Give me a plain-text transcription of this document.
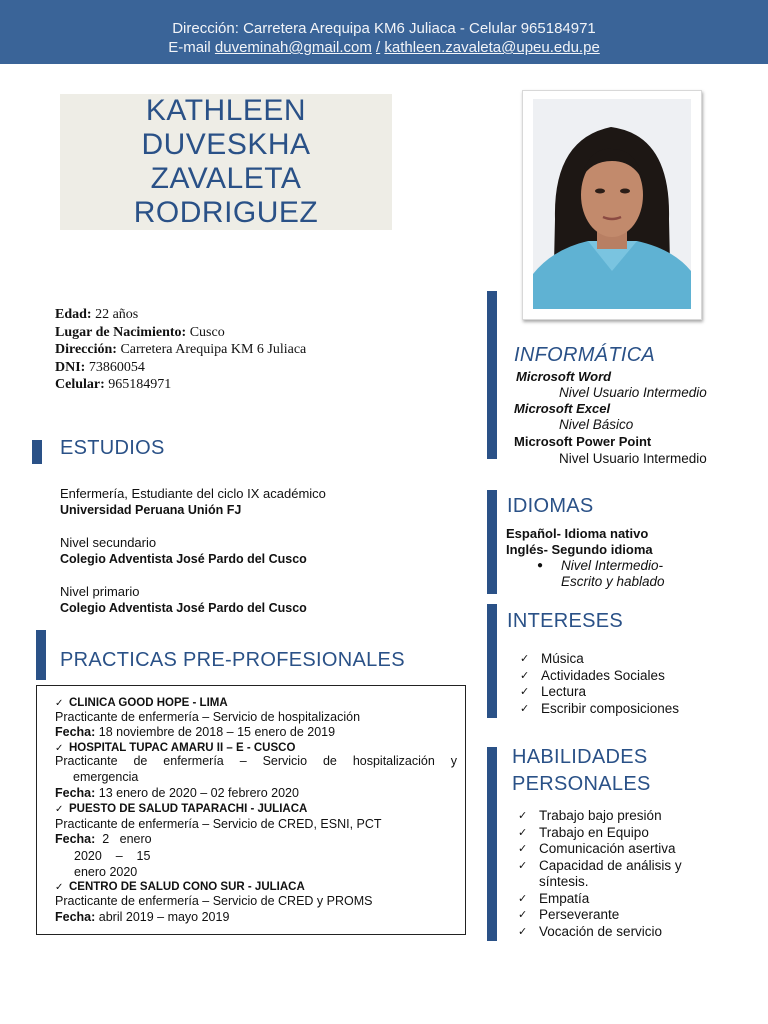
Dirección: Carretera Arequipa KM6 Juliaca - Celular 965184971
E-mail duveminah@gmail.com / kathleen.zavaleta@upeu.edu.pe
KATHLEEN DUVESKHA
ZAVALETA RODRIGUEZ
Edad: 22 años
Lugar de Nacimiento: Cusco
Dirección: Carretera Arequipa KM 6 Juliaca
DNI: 73860054
Celular: 965184971
ESTUDIOS
Enfermería, Estudiante del ciclo IX académico
Universidad Peruana Unión FJ
Nivel secundario
Colegio Adventista José Pardo del Cusco
Nivel primario
Colegio Adventista José Pardo del Cusco
PRACTICAS PRE-PROFESIONALES
✓ CLINICA GOOD HOPE - LIMA
Practicante de enfermería – Servicio de hospitalización
Fecha: 18 noviembre de 2018 – 15 enero de 2019
✓ HOSPITAL TUPAC AMARU II – E - CUSCO
Practicante de enfermería – Servicio de hospitalización y
emergencia
Fecha: 13 enero de 2020 – 02 febrero 2020
✓ PUESTO DE SALUD TAPARACHI - JULIACA
Practicante de enfermería – Servicio de CRED, ESNI, PCT
Fecha:  2   enero
2020    –    15
enero 2020
✓ CENTRO DE SALUD CONO SUR - JULIACA
Practicante de enfermería – Servicio de CRED y PROMS
Fecha: abril 2019 – mayo 2019
INFORMÁTICA
Microsoft Word
Nivel Usuario Intermedio
Microsoft Excel
Nivel Básico
Microsoft Power Point
Nivel Usuario Intermedio
IDIOMAS
Español- Idioma nativo
Inglés- Segundo idioma
● Nivel Intermedio-
Escrito y hablado
INTERESES
✓ Música
✓ Actividades Sociales
✓ Lectura
✓ Escribir composiciones
HABILIDADES
PERSONALES
✓ Trabajo bajo presión
✓ Trabajo en Equipo
✓ Comunicación asertiva
✓ Capacidad de análisis y síntesis.
✓ Empatía
✓ Perseverante
✓ Vocación de servicio
